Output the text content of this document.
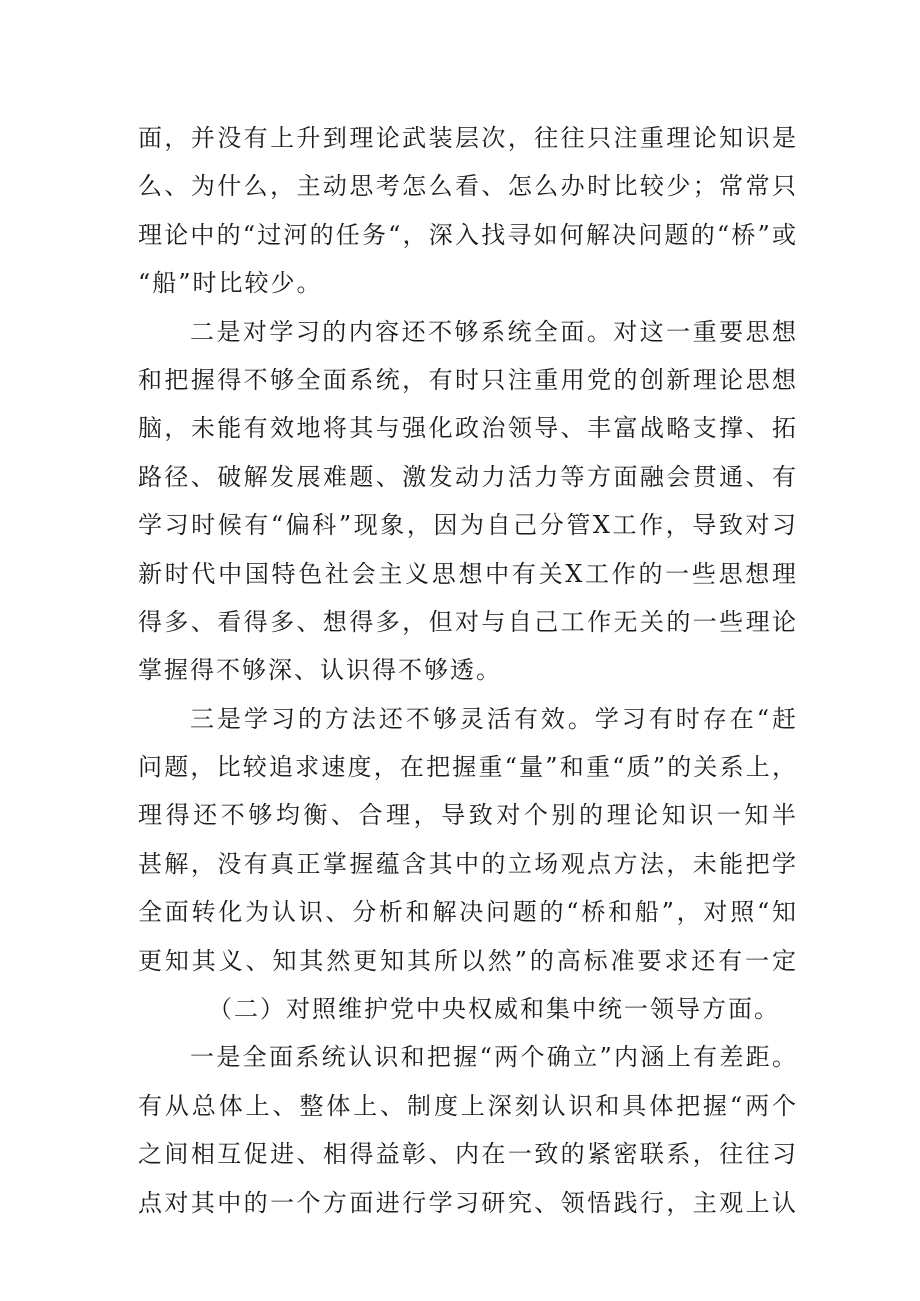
面，并没有上升到理论武装层次，往往只注重理论知识是
么、为什么，主动思考怎么看、怎么办时比较少；常常只
理论中的“过河的任务“，深入找寻如何解决问题的“桥”或
“船”时比较少。
二是对学习的内容还不够系统全面。对这一重要思想
和把握得不够全面系统，有时只注重用党的创新理论思想
脑，未能有效地将其与强化政治领导、丰富战略支撑、拓
路径、破解发展难题、激发动力活力等方面融会贯通、有
学习时候有“偏科”现象，因为自己分管X工作，导致对习
新时代中国特色社会主义思想中有关X工作的一些思想理
得多、看得多、想得多，但对与自己工作无关的一些理论
掌握得不够深、认识得不够透。
三是学习的方法还不够灵活有效。学习有时存在“赶
问题，比较追求速度，在把握重“量”和重“质”的关系上，
理得还不够均衡、合理，导致对个别的理论知识一知半
甚解，没有真正掌握蕴含其中的立场观点方法，未能把学
全面转化为认识、分析和解决问题的“桥和船”，对照“知
更知其义、知其然更知其所以然”的高标准要求还有一定
（二）对照维护党中央权威和集中统一领导方面。
一是全面系统认识和把握“两个确立”内涵上有差距。
有从总体上、整体上、制度上深刻认识和具体把握“两个
之间相互促进、相得益彰、内在一致的紧密联系，往往习
点对其中的一个方面进行学习研究、领悟践行，主观上认
